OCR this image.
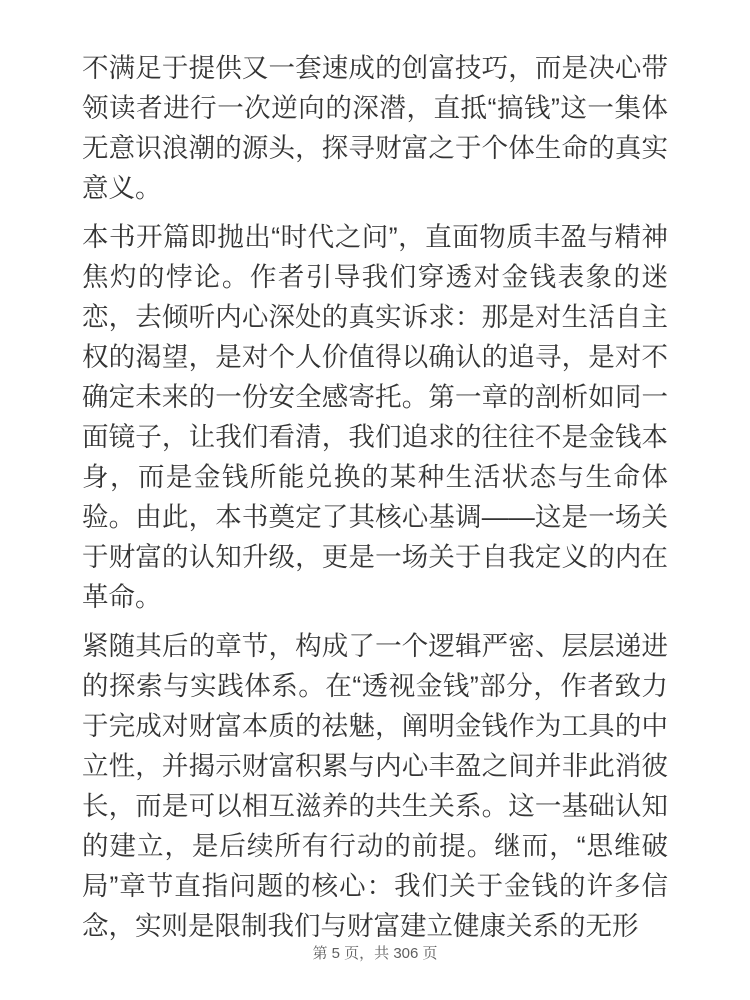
不满足于提供又一套速成的创富技巧，而是决心带领读者进行一次逆向的深潜，直抵“搞钱”这一集体无意识浪潮的源头，探寻财富之于个体生命的真实意义。

本书开篇即抛出“时代之问”，直面物质丰盈与精神焦灼的悖论。作者引导我们穿透对金钱表象的迷恋，去倾听内心深处的真实诉求：那是对生活自主权的渴望，是对个人价值得以确认的追寻，是对不确定未来的一份安全感寄托。第一章的剖析如同一面镜子，让我们看清，我们追求的往往不是金钱本身，而是金钱所能兑换的某种生活状态与生命体验。由此，本书奠定了其核心基调——这是一场关于财富的认知升级，更是一场关于自我定义的内在革命。

紧随其后的章节，构成了一个逻辑严密、层层递进的探索与实践体系。在“透视金钱”部分，作者致力于完成对财富本质的祛魅，阐明金钱作为工具的中立性，并揭示财富积累与内心丰盈之间并非此消彼长，而是可以相互滋养的共生关系。这一基础认知的建立，是后续所有行动的前提。继而，“思维破局”章节直指问题的核心：我们关于金钱的许多信念，实则是限制我们与财富建立健康关系的无形

第 5 页，共 306 页
